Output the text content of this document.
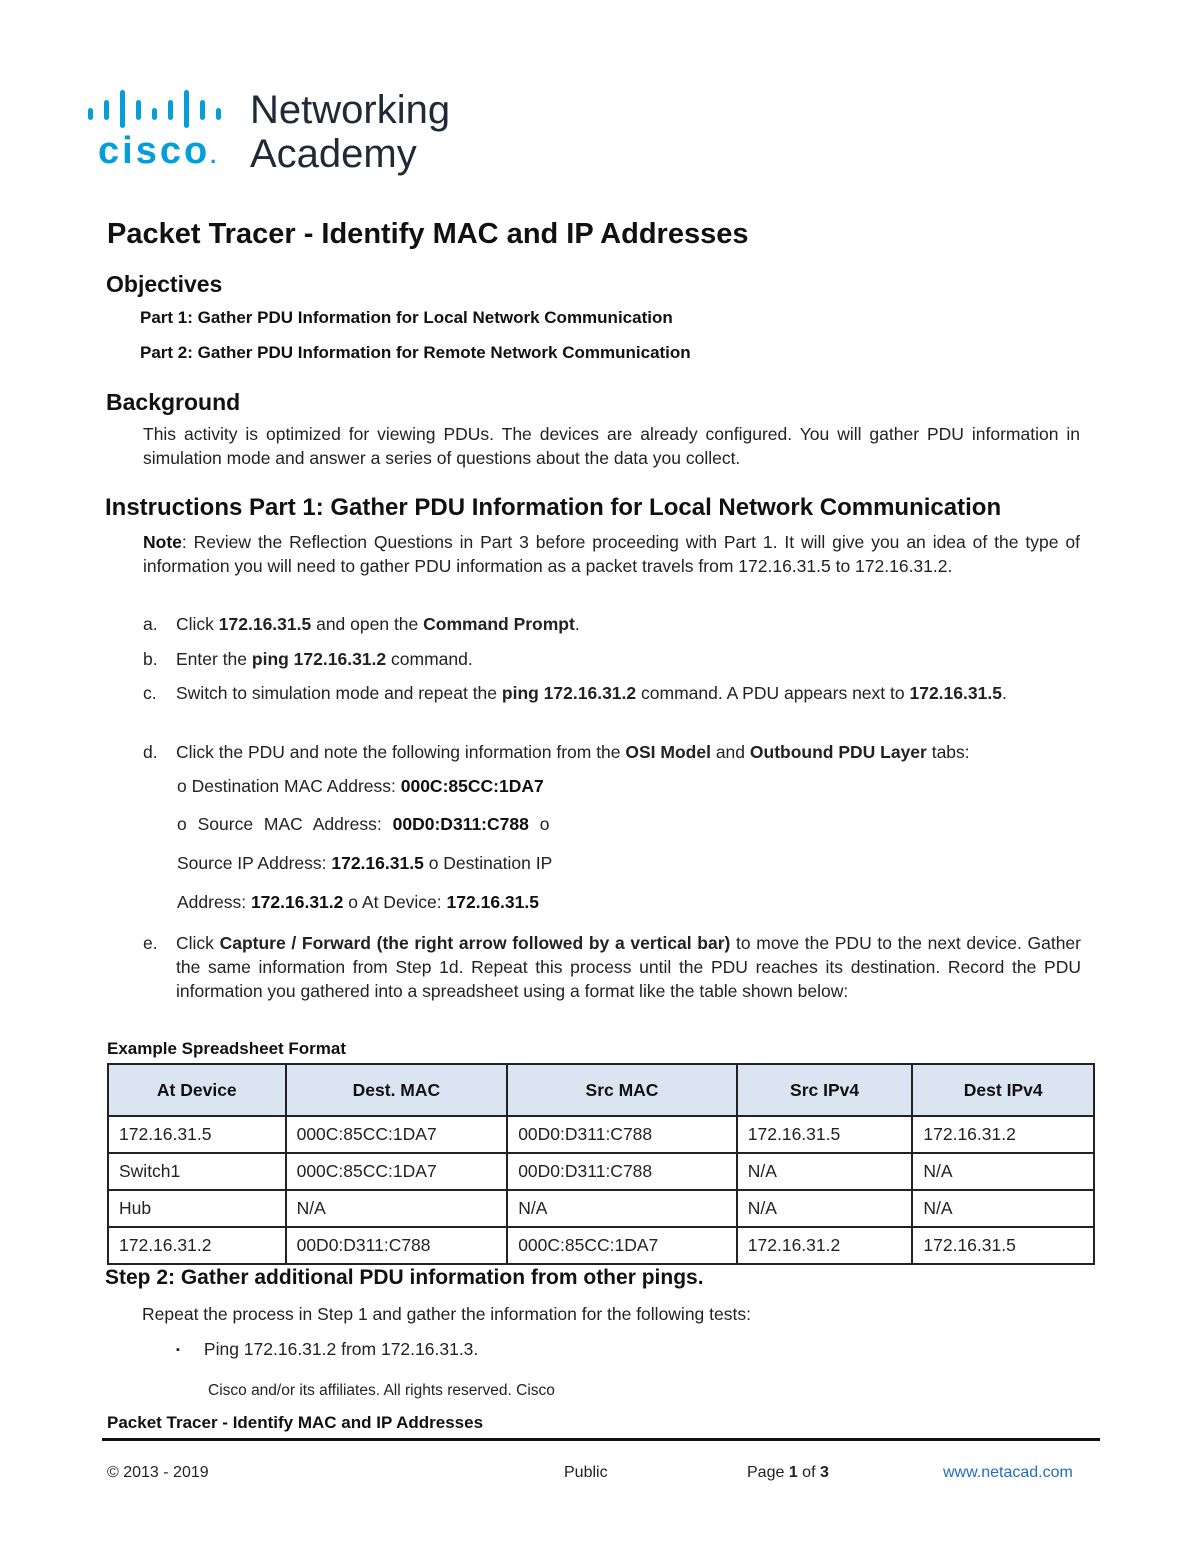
cisco.
Networking
Academy
Packet Tracer - Identify MAC and IP Addresses
Objectives
Part 1: Gather PDU Information for Local Network Communication
Part 2: Gather PDU Information for Remote Network Communication
Background
This activity is optimized for viewing PDUs. The devices are already configured. You will gather PDU information in simulation mode and answer a series of questions about the data you collect.
Instructions Part 1: Gather PDU Information for Local Network Communication
Note: Review the Reflection Questions in Part 3 before proceeding with Part 1. It will give you an idea of the type of information you will need to gather PDU information as a packet travels from 172.16.31.5 to 172.16.31.2.
a. Click 172.16.31.5 and open the Command Prompt.
b. Enter the ping 172.16.31.2 command.
c. Switch to simulation mode and repeat the ping 172.16.31.2 command. A PDU appears next to 172.16.31.5.
d. Click the PDU and note the following information from the OSI Model and Outbound PDU Layer tabs:
o Destination MAC Address: 000C:85CC:1DA7
o Source MAC Address: 00D0:D311:C788 o
Source IP Address: 172.16.31.5 o Destination IP
Address: 172.16.31.2 o At Device: 172.16.31.5
e. Click Capture / Forward (the right arrow followed by a vertical bar) to move the PDU to the next device. Gather the same information from Step 1d. Repeat this process until the PDU reaches its destination. Record the PDU information you gathered into a spreadsheet using a format like the table shown below:
Example Spreadsheet Format
At Device	Dest. MAC	Src MAC	Src IPv4	Dest IPv4
172.16.31.5	000C:85CC:1DA7	00D0:D311:C788	172.16.31.5	172.16.31.2
Switch1	000C:85CC:1DA7	00D0:D311:C788	N/A	N/A
Hub	N/A	N/A	N/A	N/A
172.16.31.2	00D0:D311:C788	000C:85CC:1DA7	172.16.31.2	172.16.31.5
Step 2: Gather additional PDU information from other pings.
Repeat the process in Step 1 and gather the information for the following tests:
▪ Ping 172.16.31.2 from 172.16.31.3.
Cisco and/or its affiliates. All rights reserved. Cisco
Packet Tracer - Identify MAC and IP Addresses
© 2013 - 2019	Public	Page 1 of 3	www.netacad.com
